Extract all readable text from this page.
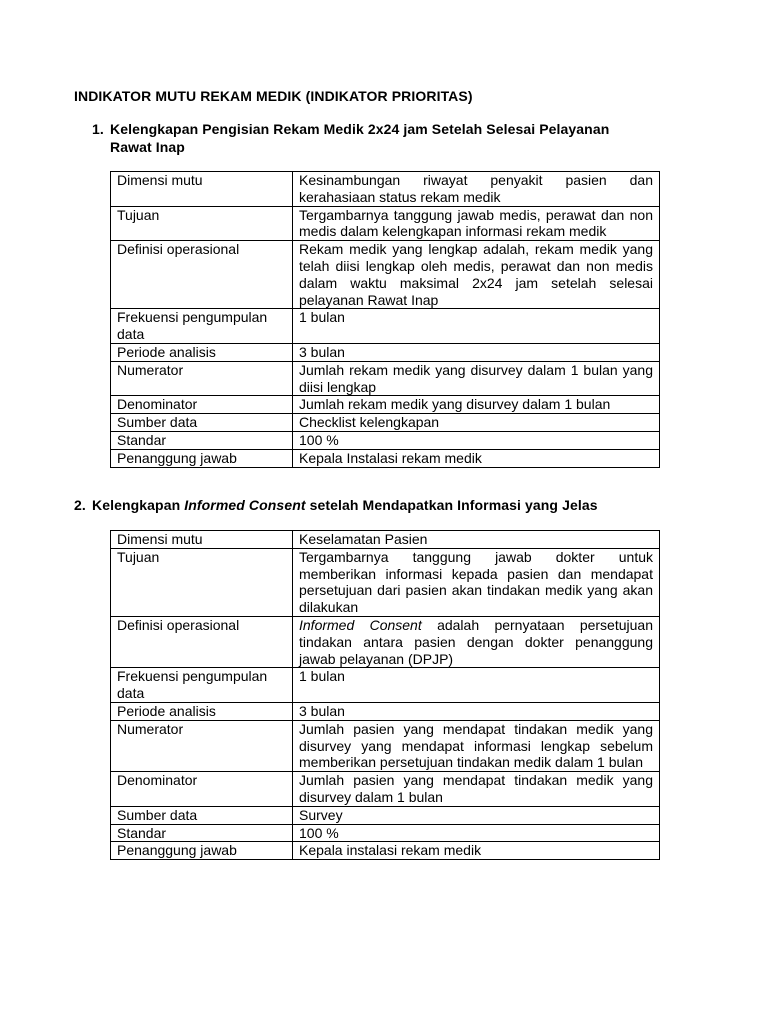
INDIKATOR MUTU REKAM MEDIK (INDIKATOR PRIORITAS)
1. Kelengkapan Pengisian Rekam Medik 2x24 jam Setelah Selesai Pelayanan
Rawat Inap
Dimensi mutu	Kesinambungan riwayat penyakit pasien dan kerahasiaan status rekam medik
Tujuan	Tergambarnya tanggung jawab medis, perawat dan non medis dalam kelengkapan informasi rekam medik
Definisi operasional	Rekam medik yang lengkap adalah, rekam medik yang telah diisi lengkap oleh medis, perawat dan non medis dalam waktu maksimal 2x24 jam setelah selesai pelayanan Rawat Inap
Frekuensi pengumpulan data	1 bulan
Periode analisis	3 bulan
Numerator	Jumlah rekam medik yang disurvey dalam 1 bulan yang diisi lengkap
Denominator	Jumlah rekam medik yang disurvey dalam 1 bulan
Sumber data	Checklist kelengkapan
Standar	100 %
Penanggung jawab	Kepala Instalasi rekam medik
2. Kelengkapan Informed Consent setelah Mendapatkan Informasi yang Jelas
Dimensi mutu	Keselamatan Pasien
Tujuan	Tergambarnya tanggung jawab dokter untuk memberikan informasi kepada pasien dan mendapat persetujuan dari pasien akan tindakan medik yang akan dilakukan
Definisi operasional	Informed Consent adalah pernyataan persetujuan tindakan antara pasien dengan dokter penanggung jawab pelayanan (DPJP)
Frekuensi pengumpulan data	1 bulan
Periode analisis	3 bulan
Numerator	Jumlah pasien yang mendapat tindakan medik yang disurvey yang mendapat informasi lengkap sebelum memberikan persetujuan tindakan medik dalam 1 bulan
Denominator	Jumlah pasien yang mendapat tindakan medik yang disurvey dalam 1 bulan
Sumber data	Survey
Standar	100 %
Penanggung jawab	Kepala instalasi rekam medik
